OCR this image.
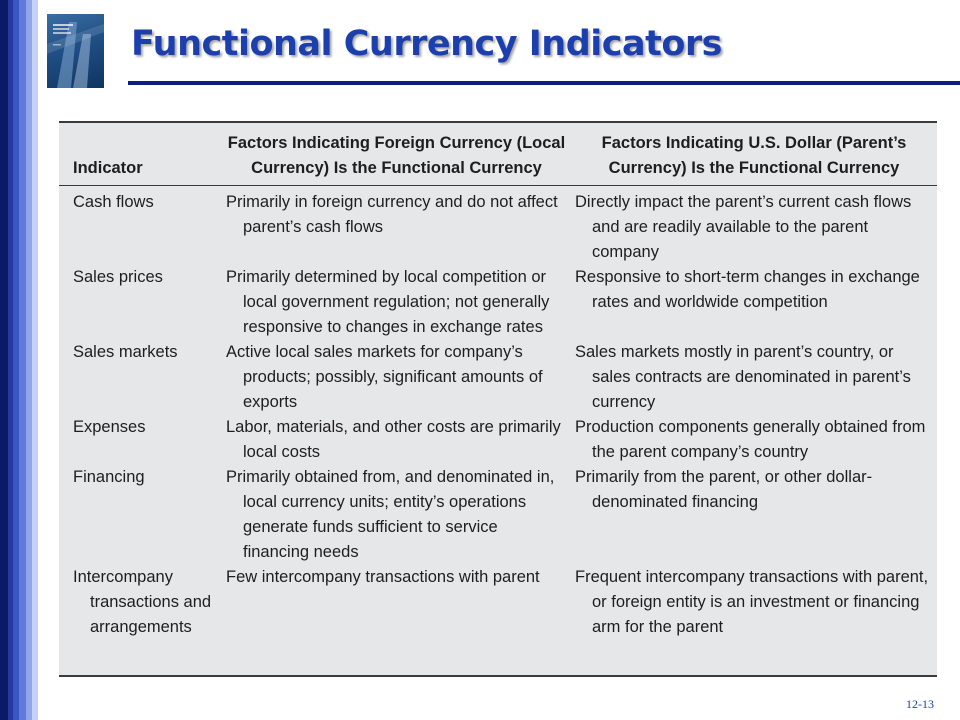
Functional Currency Indicators
Indicator	Factors Indicating Foreign Currency (Local Currency) Is the Functional Currency	Factors Indicating U.S. Dollar (Parent’s Currency) Is the Functional Currency

Cash flows	Primarily in foreign currency and do not affect parent’s cash flows	Directly impact the parent’s current cash flows and are readily available to the parent company

Sales prices	Primarily determined by local competition or local government regulation; not generally responsive to changes in exchange rates	Responsive to short-term changes in exchange rates and worldwide competition

Sales markets	Active local sales markets for company’s products; possibly, significant amounts of exports	Sales markets mostly in parent’s country, or sales contracts are denominated in parent’s currency

Expenses	Labor, materials, and other costs are primarily local costs	Production components generally obtained from the parent company’s country

Financing	Primarily obtained from, and denominated in, local currency units; entity’s operations generate funds sufficient to service financing needs	Primarily from the parent, or other dollar-denominated financing

Intercompany transactions and arrangements	Few intercompany transactions with parent	Frequent intercompany transactions with parent, or foreign entity is an investment or financing arm for the parent
12-13
